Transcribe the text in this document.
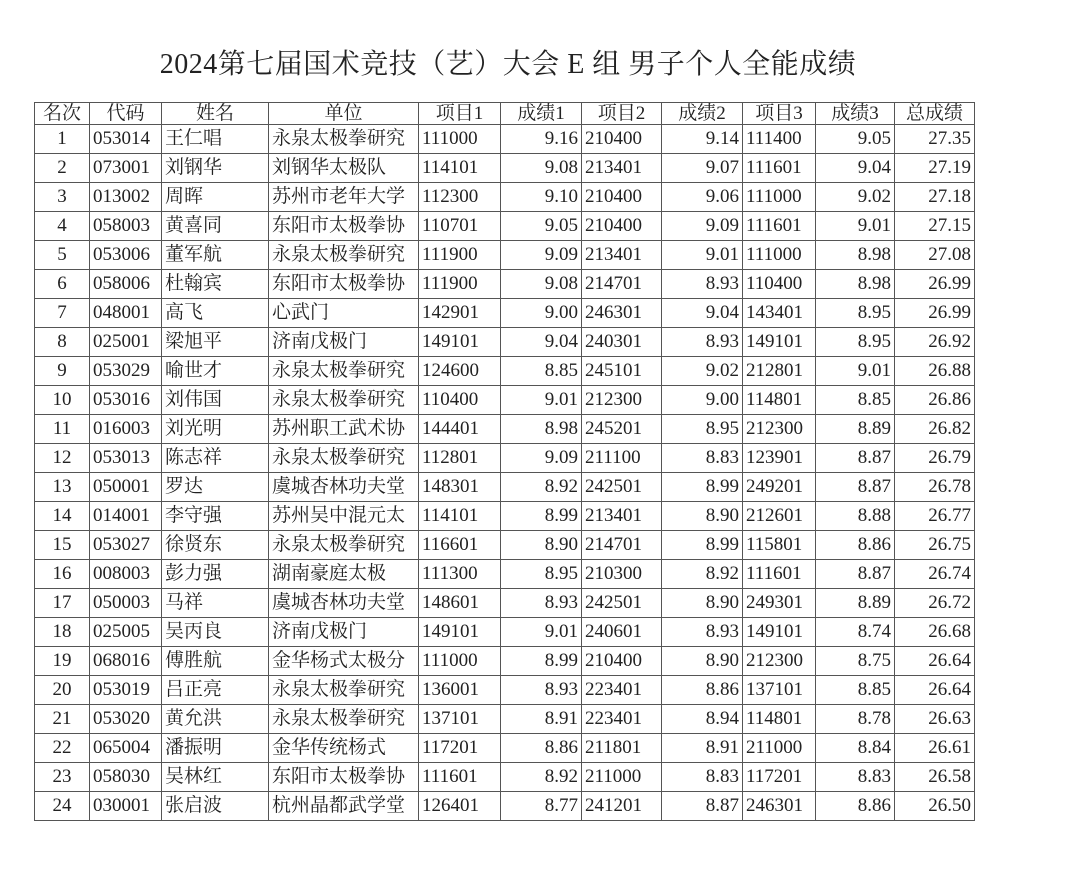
2024第七届国术竞技（艺）大会 E 组 男子个人全能成绩
名次	代码	姓名	单位	项目1	成绩1	项目2	成绩2	项目3	成绩3	总成绩
1	053014	王仁唱	永泉太极拳研究	111000	9.16	210400	9.14	111400	9.05	27.35
2	073001	刘钢华	刘钢华太极队	114101	9.08	213401	9.07	111601	9.04	27.19
3	013002	周晖	苏州市老年大学	112300	9.10	210400	9.06	111000	9.02	27.18
4	058003	黄喜同	东阳市太极拳协	110701	9.05	210400	9.09	111601	9.01	27.15
5	053006	董军航	永泉太极拳研究	111900	9.09	213401	9.01	111000	8.98	27.08
6	058006	杜翰宾	东阳市太极拳协	111900	9.08	214701	8.93	110400	8.98	26.99
7	048001	高飞	心武门	142901	9.00	246301	9.04	143401	8.95	26.99
8	025001	梁旭平	济南戊极门	149101	9.04	240301	8.93	149101	8.95	26.92
9	053029	喻世才	永泉太极拳研究	124600	8.85	245101	9.02	212801	9.01	26.88
10	053016	刘伟国	永泉太极拳研究	110400	9.01	212300	9.00	114801	8.85	26.86
11	016003	刘光明	苏州职工武术协	144401	8.98	245201	8.95	212300	8.89	26.82
12	053013	陈志祥	永泉太极拳研究	112801	9.09	211100	8.83	123901	8.87	26.79
13	050001	罗达	虞城杏林功夫堂	148301	8.92	242501	8.99	249201	8.87	26.78
14	014001	李守强	苏州吴中混元太	114101	8.99	213401	8.90	212601	8.88	26.77
15	053027	徐贤东	永泉太极拳研究	116601	8.90	214701	8.99	115801	8.86	26.75
16	008003	彭力强	湖南豪庭太极	111300	8.95	210300	8.92	111601	8.87	26.74
17	050003	马祥	虞城杏林功夫堂	148601	8.93	242501	8.90	249301	8.89	26.72
18	025005	吴丙良	济南戊极门	149101	9.01	240601	8.93	149101	8.74	26.68
19	068016	傅胜航	金华杨式太极分	111000	8.99	210400	8.90	212300	8.75	26.64
20	053019	吕正亮	永泉太极拳研究	136001	8.93	223401	8.86	137101	8.85	26.64
21	053020	黄允洪	永泉太极拳研究	137101	8.91	223401	8.94	114801	8.78	26.63
22	065004	潘振明	金华传统杨式	117201	8.86	211801	8.91	211000	8.84	26.61
23	058030	吴林红	东阳市太极拳协	111601	8.92	211000	8.83	117201	8.83	26.58
24	030001	张启波	杭州晶都武学堂	126401	8.77	241201	8.87	246301	8.86	26.50
